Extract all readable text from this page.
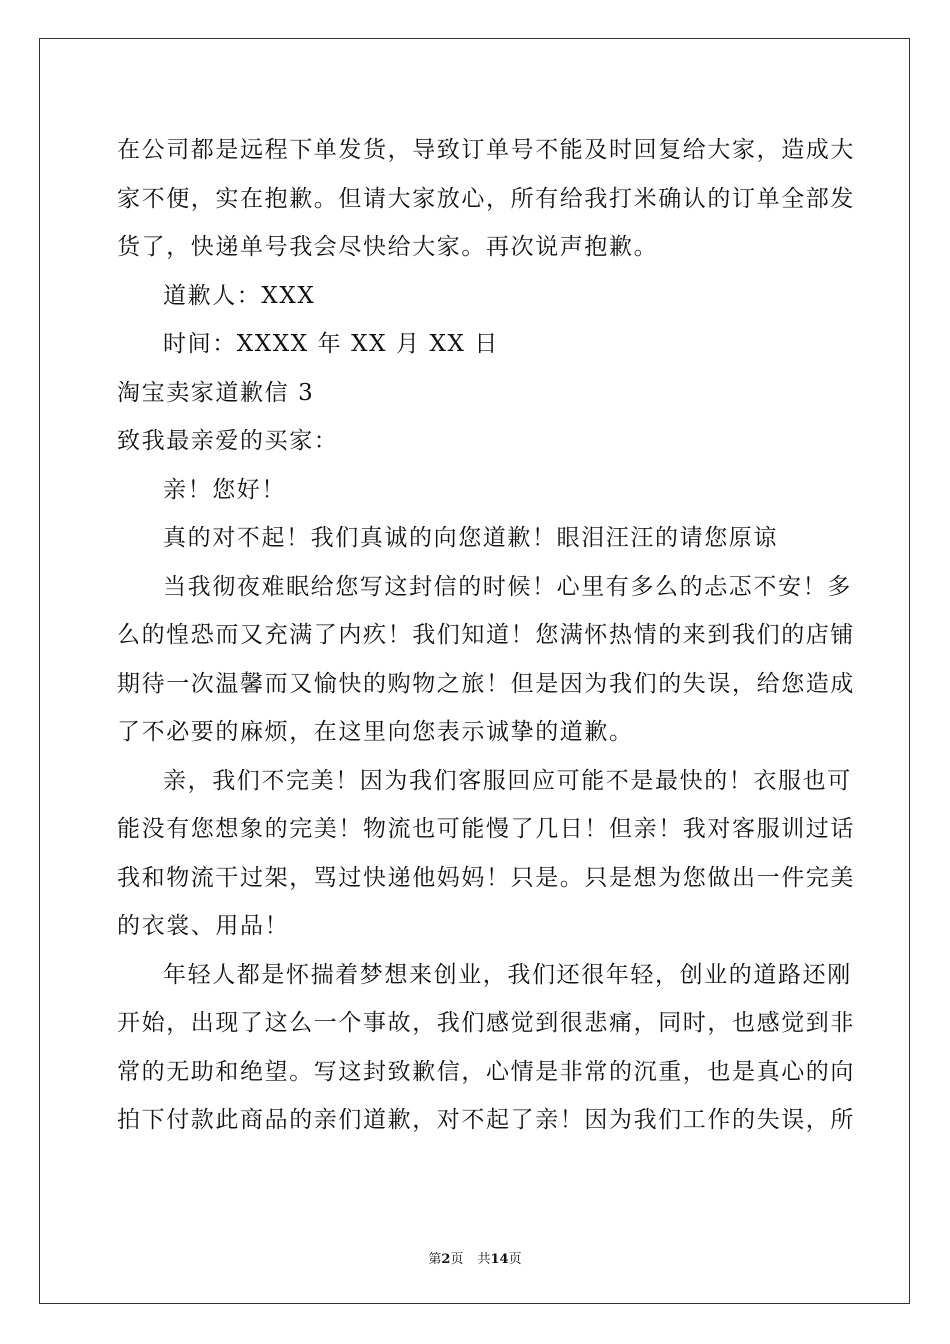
在公司都是远程下单发货，导致订单号不能及时回复给大家，造成大
家不便，实在抱歉。但请大家放心，所有给我打米确认的订单全部发
货了，快递单号我会尽快给大家。再次说声抱歉。
道歉人：XXX
时间：XXXX 年 XX 月 XX 日
淘宝卖家道歉信 3
致我最亲爱的买家：
亲！您好！
真的对不起！我们真诚的向您道歉！眼泪汪汪的请您原谅
当我彻夜难眠给您写这封信的时候！心里有多么的忐忑不安！多
么的惶恐而又充满了内疚！我们知道！您满怀热情的来到我们的店铺
期待一次温馨而又愉快的购物之旅！但是因为我们的失误，给您造成
了不必要的麻烦，在这里向您表示诚挚的道歉。
亲，我们不完美！因为我们客服回应可能不是最快的！衣服也可
能没有您想象的完美！物流也可能慢了几日！但亲！我对客服训过话
我和物流干过架，骂过快递他妈妈！只是。只是想为您做出一件完美
的衣裳、用品！
年轻人都是怀揣着梦想来创业，我们还很年轻，创业的道路还刚
开始，出现了这么一个事故，我们感觉到很悲痛，同时，也感觉到非
常的无助和绝望。写这封致歉信，心情是非常的沉重，也是真心的向
拍下付款此商品的亲们道歉，对不起了亲！因为我们工作的失误，所
第2页 共14页
